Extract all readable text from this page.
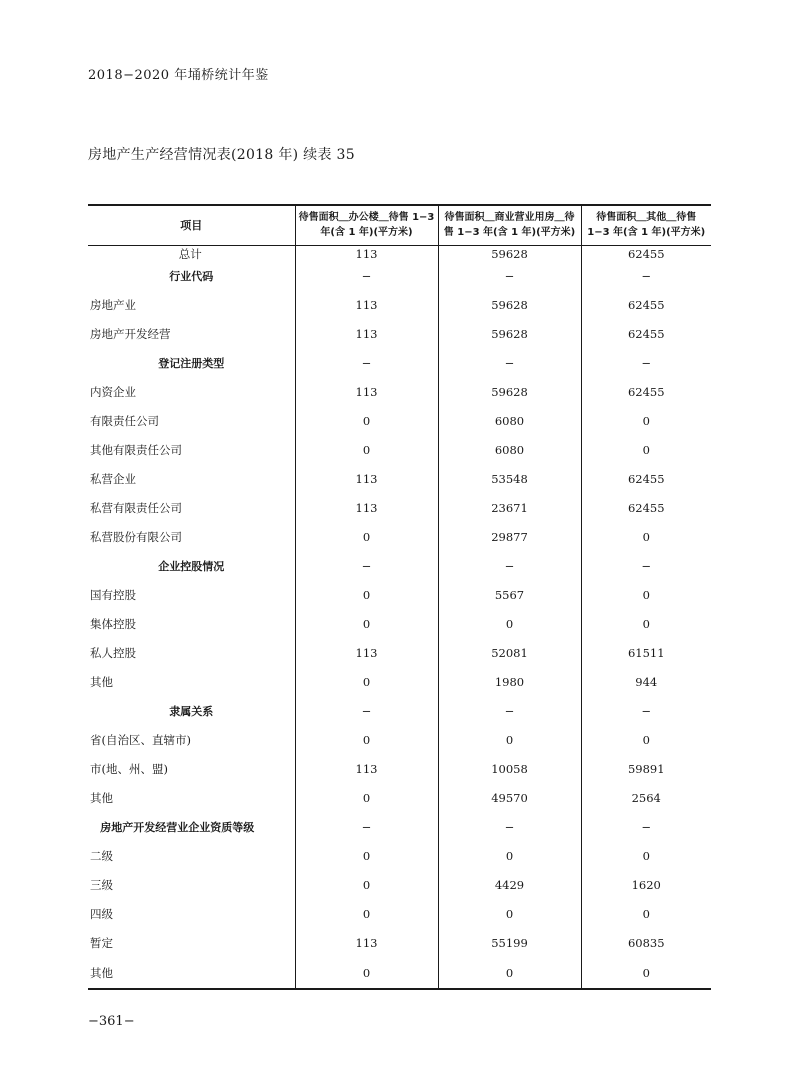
2018−2020 年埇桥统计年鉴
房地产生产经营情况表(2018 年) 续表 35
项目	待售面积＿办公楼＿待售 1−3 年(含 1 年)(平方米)	待售面积＿商业营业用房＿待售 1−3 年(含 1 年)(平方米)	待售面积＿其他＿待售 1−3 年(含 1 年)(平方米)
总计	113	59628	62455
行业代码	−	−	−
房地产业	113	59628	62455
房地产开发经营	113	59628	62455
登记注册类型	−	−	−
内资企业	113	59628	62455
有限责任公司	0	6080	0
其他有限责任公司	0	6080	0
私营企业	113	53548	62455
私营有限责任公司	113	23671	62455
私营股份有限公司	0	29877	0
企业控股情况	−	−	−
国有控股	0	5567	0
集体控股	0	0	0
私人控股	113	52081	61511
其他	0	1980	944
隶属关系	−	−	−
省(自治区、直辖市)	0	0	0
市(地、州、盟)	113	10058	59891
其他	0	49570	2564
房地产开发经营业企业资质等级	−	−	−
二级	0	0	0
三级	0	4429	1620
四级	0	0	0
暂定	113	55199	60835
其他	0	0	0
−361−
